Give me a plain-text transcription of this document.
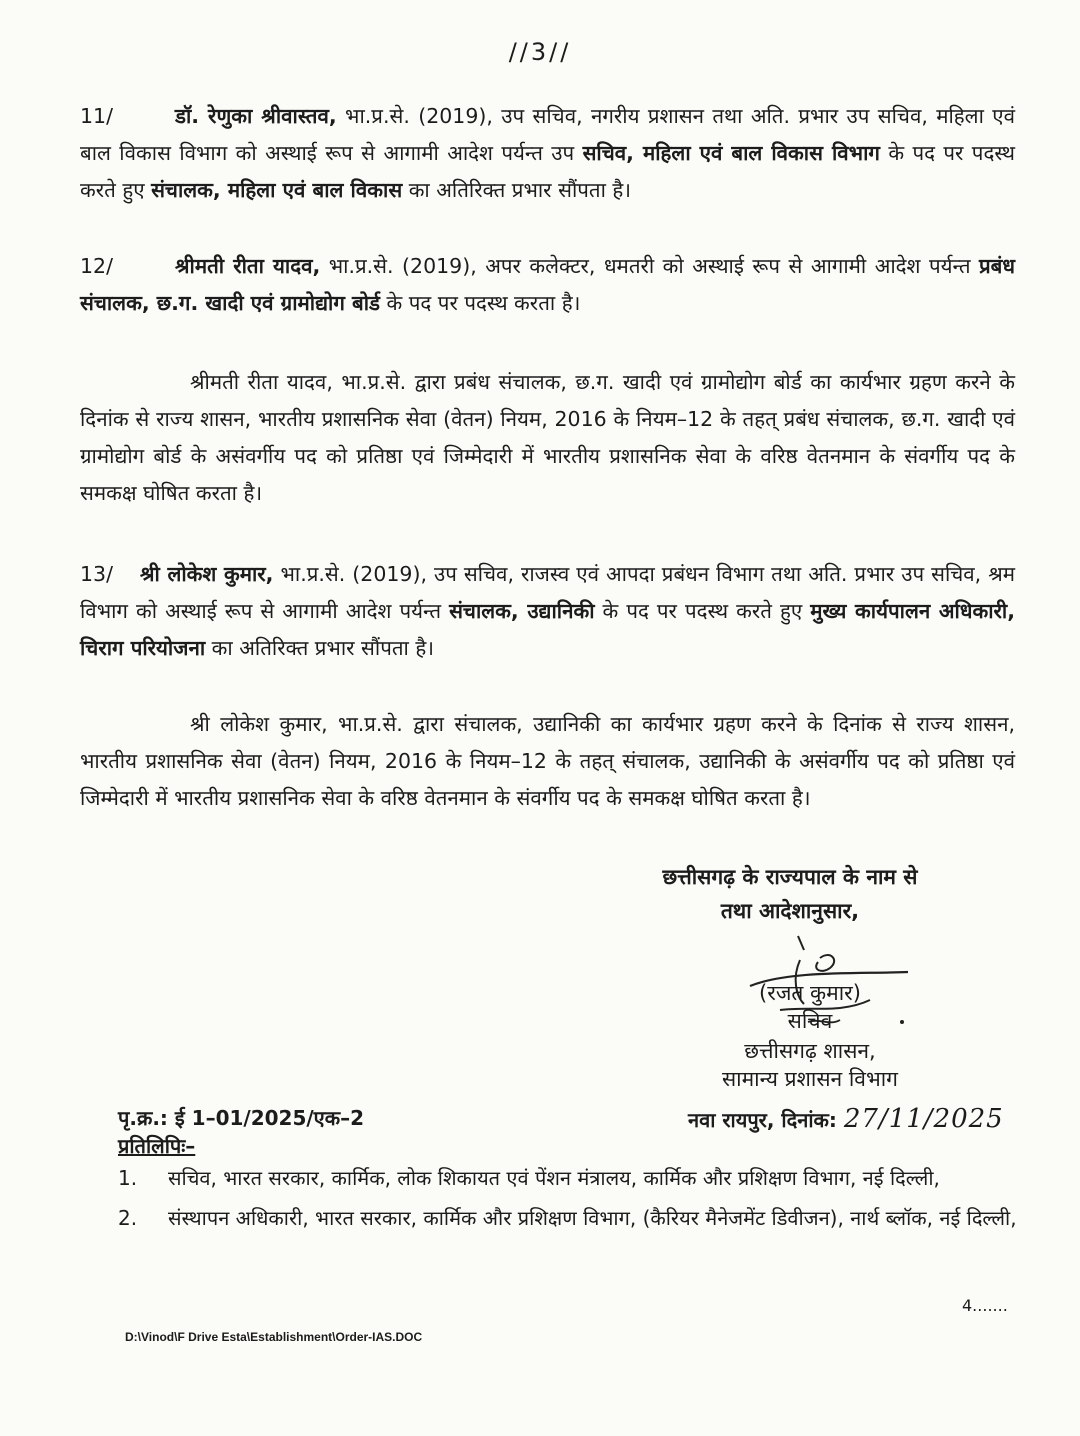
//3//

11/	डॉ. रेणुका श्रीवास्तव, भा.प्र.से. (2019), उप सचिव, नगरीय प्रशासन तथा अति. प्रभार उप सचिव, महिला एवं बाल विकास विभाग को अस्थाई रूप से आगामी आदेश पर्यन्त उप सचिव, महिला एवं बाल विकास विभाग के पद पर पदस्थ करते हुए संचालक, महिला एवं बाल विकास का अतिरिक्त प्रभार सौंपता है।

12/	श्रीमती रीता यादव, भा.प्र.से. (2019), अपर कलेक्टर, धमतरी को अस्थाई रूप से आगामी आदेश पर्यन्त प्रबंध संचालक, छ.ग. खादी एवं ग्रामोद्योग बोर्ड के पद पर पदस्थ करता है।

श्रीमती रीता यादव, भा.प्र.से. द्वारा प्रबंध संचालक, छ.ग. खादी एवं ग्रामोद्योग बोर्ड का कार्यभार ग्रहण करने के दिनांक से राज्य शासन, भारतीय प्रशासनिक सेवा (वेतन) नियम, 2016 के नियम–12 के तहत् प्रबंध संचालक, छ.ग. खादी एवं ग्रामोद्योग बोर्ड के असंवर्गीय पद को प्रतिष्ठा एवं जिम्मेदारी में भारतीय प्रशासनिक सेवा के वरिष्ठ वेतनमान के संवर्गीय पद के समकक्ष घोषित करता है।

13/ श्री लोकेश कुमार, भा.प्र.से. (2019), उप सचिव, राजस्व एवं आपदा प्रबंधन विभाग तथा अति. प्रभार उप सचिव, श्रम विभाग को अस्थाई रूप से आगामी आदेश पर्यन्त संचालक, उद्यानिकी के पद पर पदस्थ करते हुए मुख्य कार्यपालन अधिकारी, चिराग परियोजना का अतिरिक्त प्रभार सौंपता है।

श्री लोकेश कुमार, भा.प्र.से. द्वारा संचालक, उद्यानिकी का कार्यभार ग्रहण करने के दिनांक से राज्य शासन, भारतीय प्रशासनिक सेवा (वेतन) नियम, 2016 के नियम–12 के तहत् संचालक, उद्यानिकी के असंवर्गीय पद को प्रतिष्ठा एवं जिम्मेदारी में भारतीय प्रशासनिक सेवा के वरिष्ठ वेतनमान के संवर्गीय पद के समकक्ष घोषित करता है।

छत्तीसगढ़ के राज्यपाल के नाम से
तथा आदेशानुसार,
(रजत कुमार)
सचिव
छत्तीसगढ़ शासन,
सामान्य प्रशासन विभाग
पृ.क्र.: ई 1–01/2025/एक–2	नवा रायपुर, दिनांक: 27/11/2025
प्रतिलिपिः–
1.	सचिव, भारत सरकार, कार्मिक, लोक शिकायत एवं पेंशन मंत्रालय, कार्मिक और प्रशिक्षण विभाग, नई दिल्ली,
2.	संस्थापन अधिकारी, भारत सरकार, कार्मिक और प्रशिक्षण विभाग, (कैरियर मैनेजमेंट डिवीजन), नार्थ ब्लॉक, नई दिल्ली,
4.......
D:\Vinod\F Drive Esta\Establishment\Order-IAS.DOC
